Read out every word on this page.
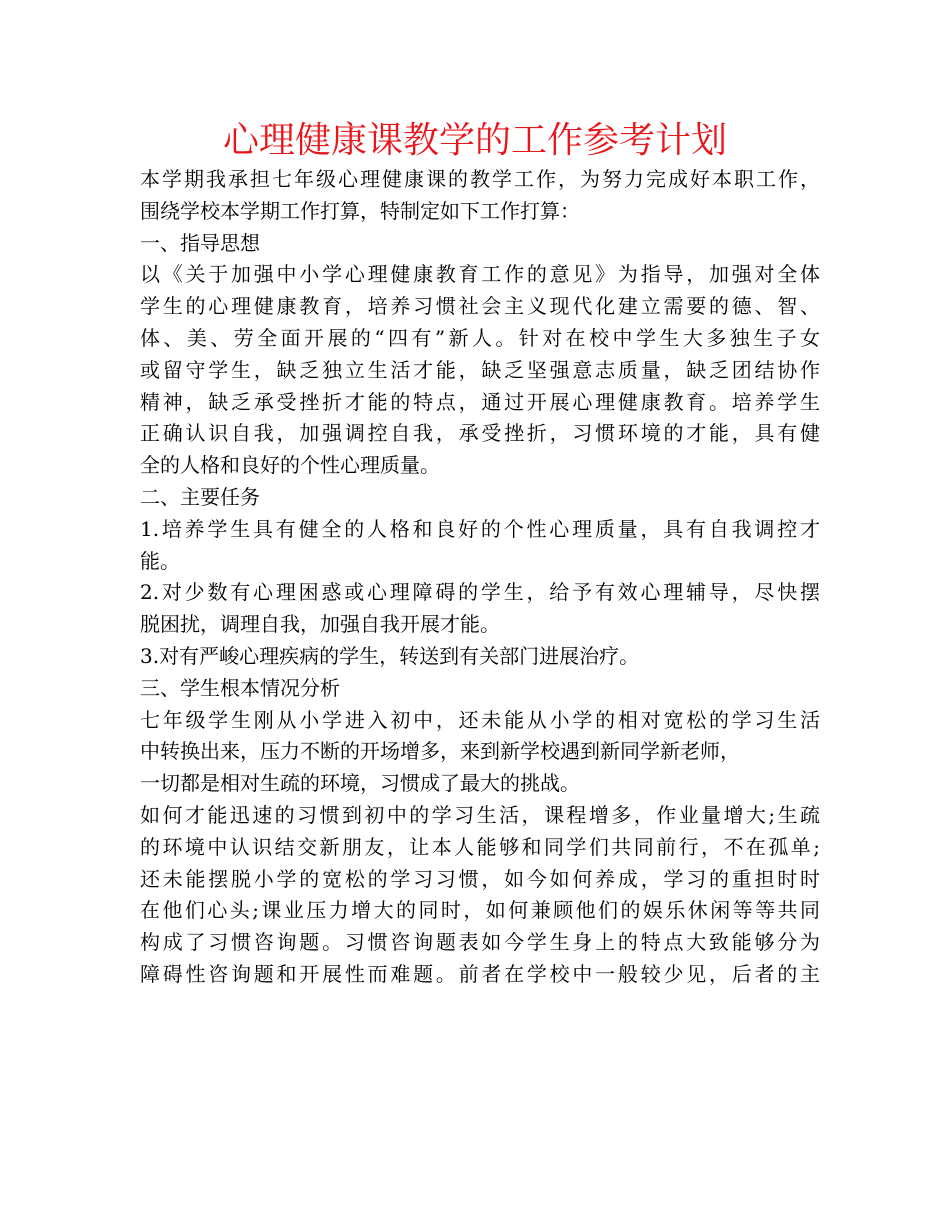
心理健康课教学的工作参考计划
本学期我承担七年级心理健康课的教学工作，为努力完成好本职工作，
围绕学校本学期工作打算，特制定如下工作打算：
一、指导思想
以《关于加强中小学心理健康教育工作的意见》为指导，加强对全体
学生的心理健康教育，培养习惯社会主义现代化建立需要的德、智、
体、美、劳全面开展的“四有”新人。针对在校中学生大多独生子女
或留守学生，缺乏独立生活才能，缺乏坚强意志质量，缺乏团结协作
精神，缺乏承受挫折才能的特点，通过开展心理健康教育。培养学生
正确认识自我，加强调控自我，承受挫折，习惯环境的才能，具有健
全的人格和良好的个性心理质量。
二、主要任务
1.培养学生具有健全的人格和良好的个性心理质量，具有自我调控才
能。
2.对少数有心理困惑或心理障碍的学生，给予有效心理辅导，尽快摆
脱困扰，调理自我，加强自我开展才能。
3.对有严峻心理疾病的学生，转送到有关部门进展治疗。
三、学生根本情况分析
七年级学生刚从小学进入初中，还未能从小学的相对宽松的学习生活
中转换出来，压力不断的开场增多，来到新学校遇到新同学新老师，
一切都是相对生疏的环境，习惯成了最大的挑战。
如何才能迅速的习惯到初中的学习生活，课程增多，作业量增大;生疏
的环境中认识结交新朋友，让本人能够和同学们共同前行，不在孤单;
还未能摆脱小学的宽松的学习习惯，如今如何养成，学习的重担时时
在他们心头;课业压力增大的同时，如何兼顾他们的娱乐休闲等等共同
构成了习惯咨询题。习惯咨询题表如今学生身上的特点大致能够分为
障碍性咨询题和开展性而难题。前者在学校中一般较少见，后者的主
